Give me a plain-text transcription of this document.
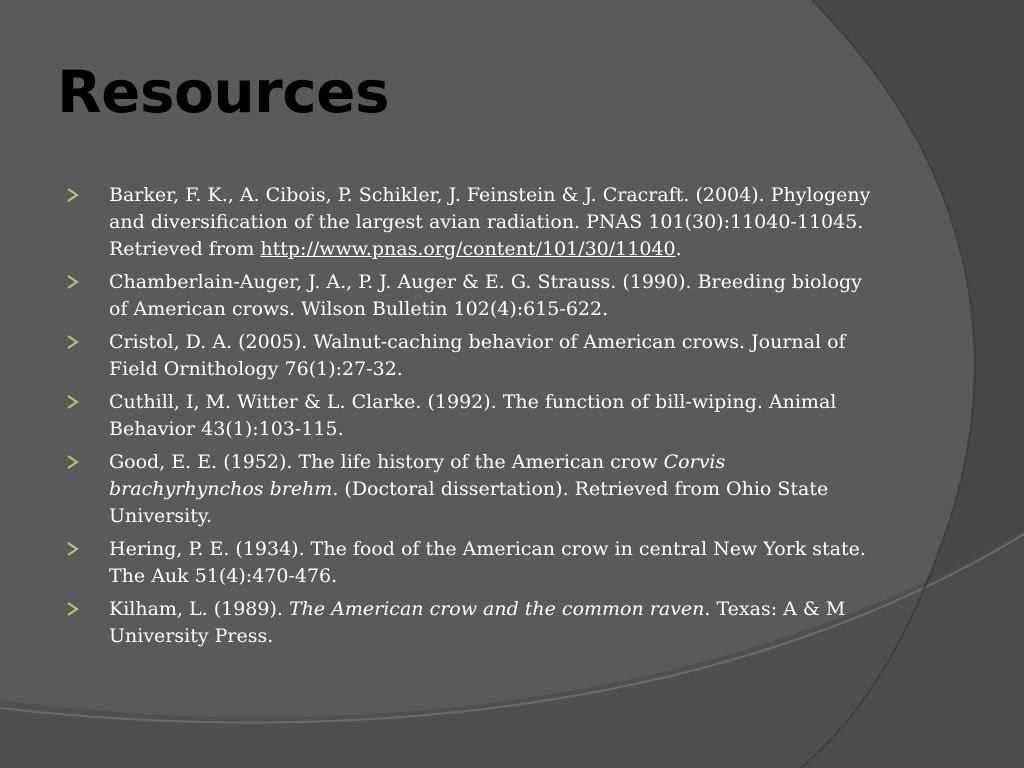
Resources
Barker, F. K., A. Cibois, P. Schikler, J. Feinstein & J. Cracraft. (2004). Phylogeny and diversification of the largest avian radiation. PNAS 101(30):11040-11045. Retrieved from http://www.pnas.org/content/101/30/11040.
Chamberlain-Auger, J. A., P. J. Auger & E. G. Strauss. (1990). Breeding biology of American crows. Wilson Bulletin 102(4):615-622.
Cristol, D. A. (2005). Walnut-caching behavior of American crows. Journal of Field Ornithology 76(1):27-32.
Cuthill, I, M. Witter & L. Clarke. (1992). The function of bill-wiping. Animal Behavior 43(1):103-115.
Good, E. E. (1952). The life history of the American crow Corvis brachyrhynchos brehm. (Doctoral dissertation). Retrieved from Ohio State University.
Hering, P. E. (1934). The food of the American crow in central New York state. The Auk 51(4):470-476.
Kilham, L. (1989). The American crow and the common raven. Texas: A & M University Press.
